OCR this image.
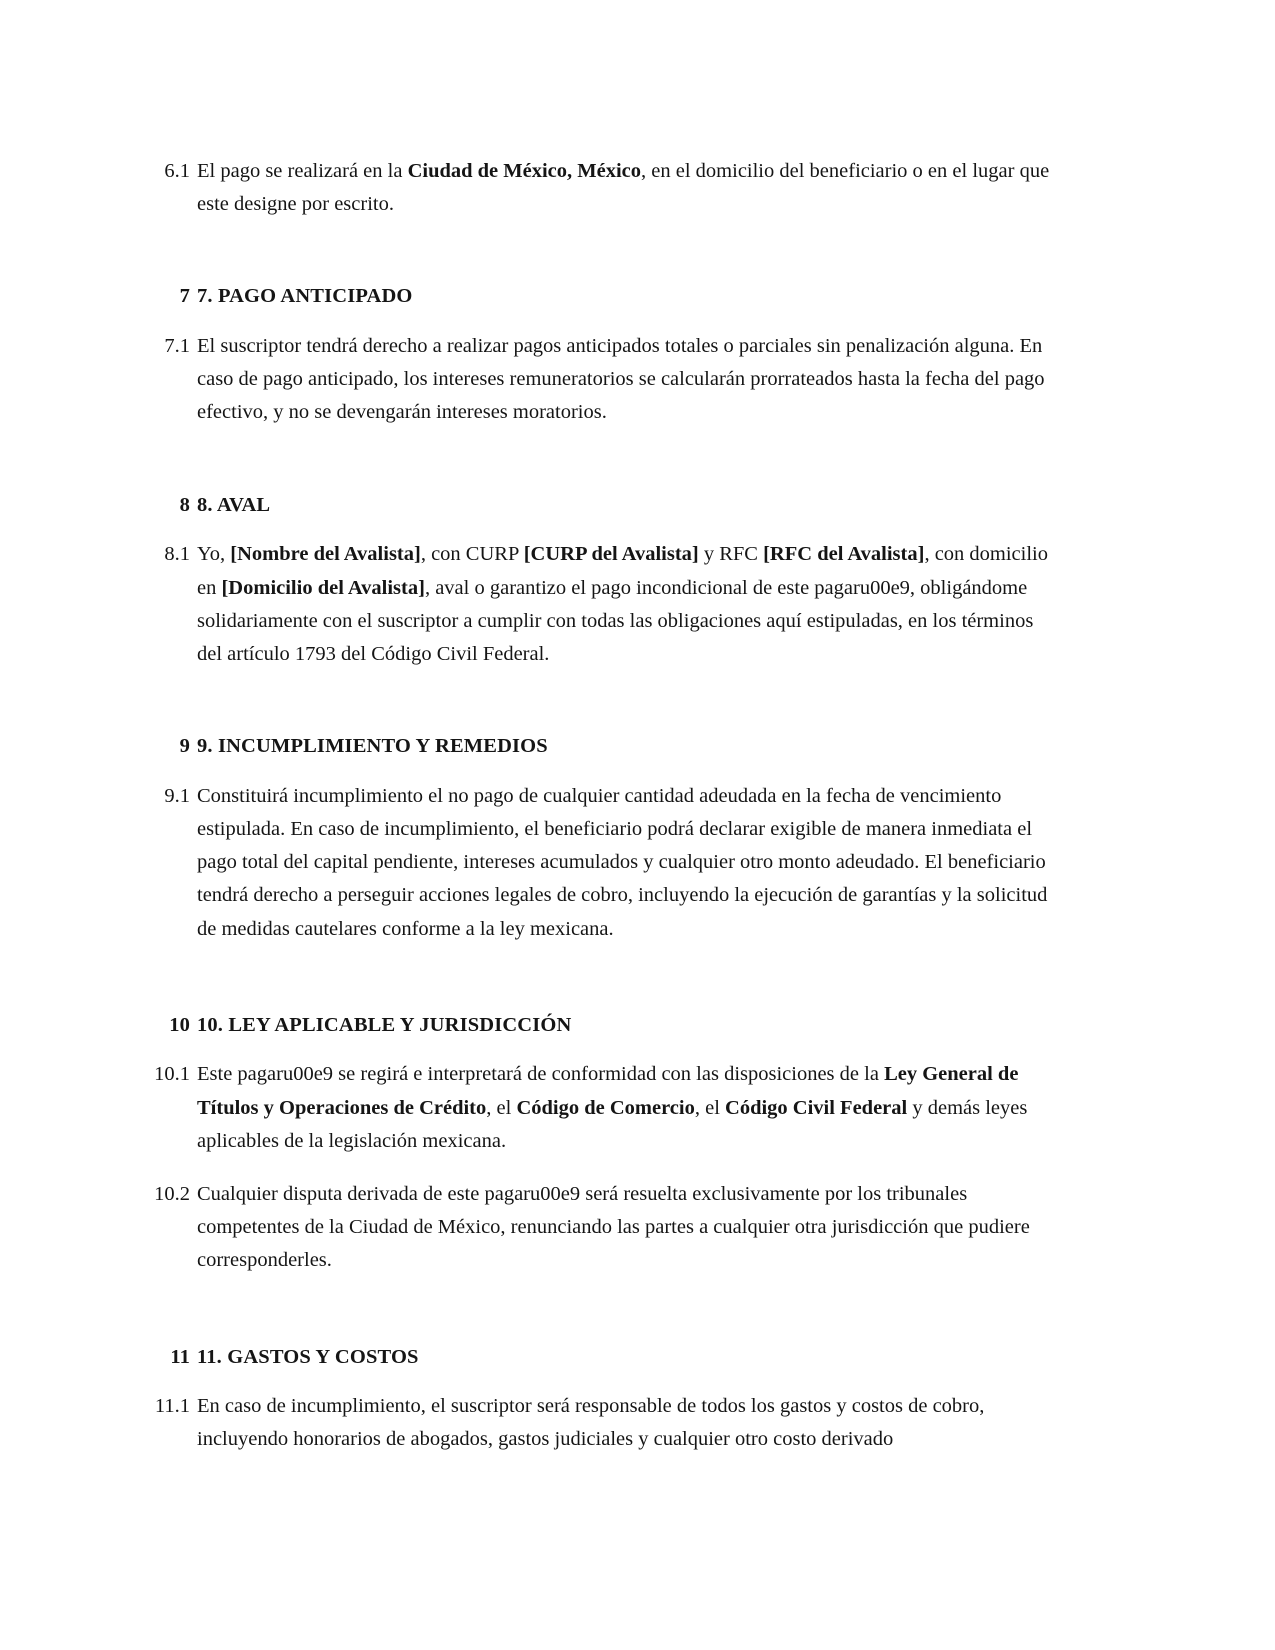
6.1 El pago se realizará en la Ciudad de México, México, en el domicilio del beneficiario o en el lugar que este designe por escrito.
7 7. PAGO ANTICIPADO
7.1 El suscriptor tendrá derecho a realizar pagos anticipados totales o parciales sin penalización alguna. En caso de pago anticipado, los intereses remuneratorios se calcularán prorrateados hasta la fecha del pago efectivo, y no se devengarán intereses moratorios.
8 8. AVAL
8.1 Yo, [Nombre del Avalista], con CURP [CURP del Avalista] y RFC [RFC del Avalista], con domicilio en [Domicilio del Avalista], aval o garantizo el pago incondicional de este pagaru00e9, obligándome solidariamente con el suscriptor a cumplir con todas las obligaciones aquí estipuladas, en los términos del artículo 1793 del Código Civil Federal.
9 9. INCUMPLIMIENTO Y REMEDIOS
9.1 Constituirá incumplimiento el no pago de cualquier cantidad adeudada en la fecha de vencimiento estipulada. En caso de incumplimiento, el beneficiario podrá declarar exigible de manera inmediata el pago total del capital pendiente, intereses acumulados y cualquier otro monto adeudado. El beneficiario tendrá derecho a perseguir acciones legales de cobro, incluyendo la ejecución de garantías y la solicitud de medidas cautelares conforme a la ley mexicana.
10 10. LEY APLICABLE Y JURISDICCIÓN
10.1 Este pagaru00e9 se regirá e interpretará de conformidad con las disposiciones de la Ley General de Títulos y Operaciones de Crédito, el Código de Comercio, el Código Civil Federal y demás leyes aplicables de la legislación mexicana.
10.2 Cualquier disputa derivada de este pagaru00e9 será resuelta exclusivamente por los tribunales competentes de la Ciudad de México, renunciando las partes a cualquier otra jurisdicción que pudiere corresponderles.
11 11. GASTOS Y COSTOS
11.1 En caso de incumplimiento, el suscriptor será responsable de todos los gastos y costos de cobro, incluyendo honorarios de abogados, gastos judiciales y cualquier otro costo derivado
